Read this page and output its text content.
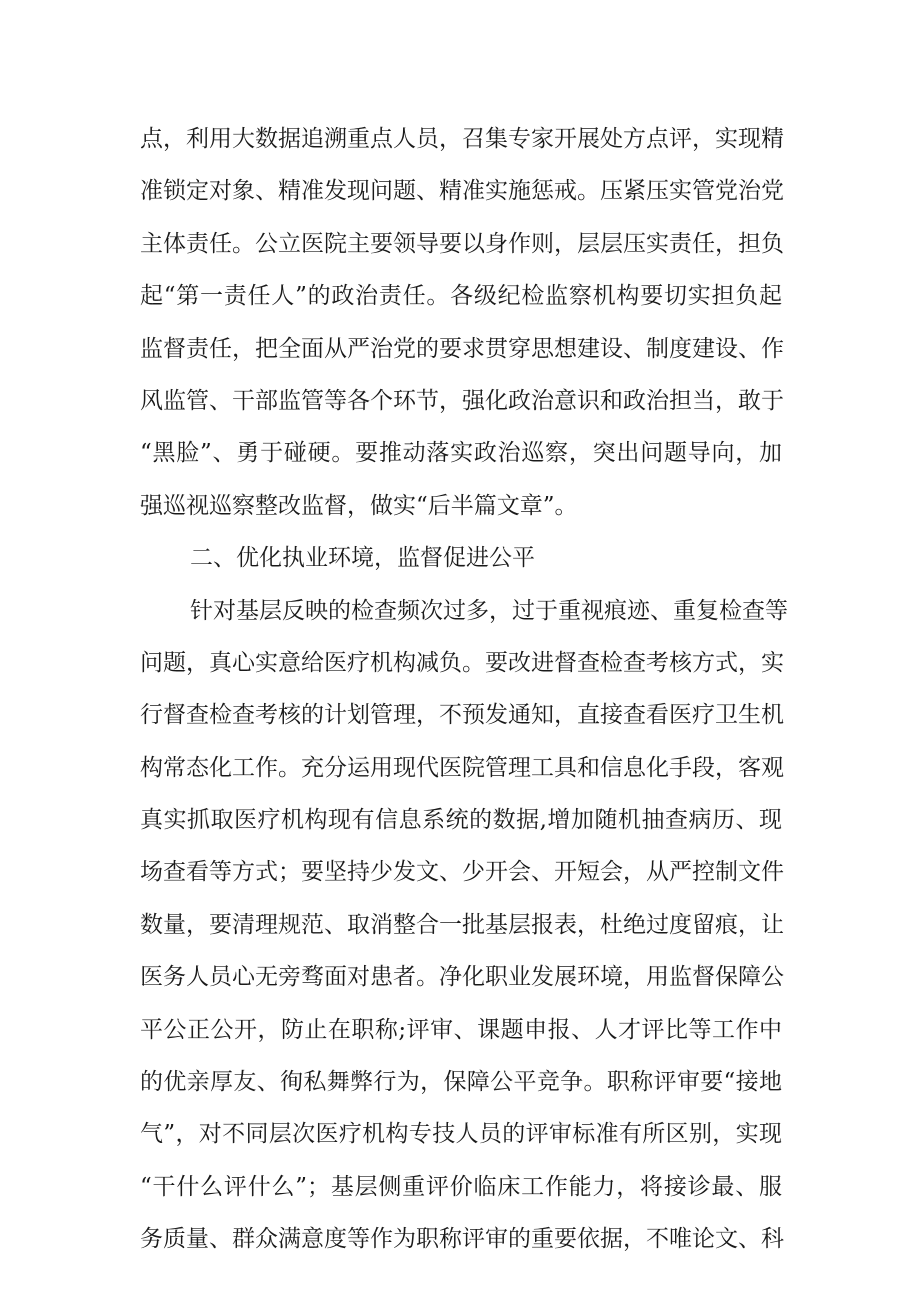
点，利用大数据追溯重点人员，召集专家开展处方点评，实现精
准锁定对象、精准发现问题、精准实施惩戒。压紧压实管党治党
主体责任。公立医院主要领导要以身作则，层层压实责任，担负
起“第一责任人”的政治责任。各级纪检监察机构要切实担负起
监督责任，把全面从严治党的要求贯穿思想建设、制度建设、作
风监管、干部监管等各个环节，强化政治意识和政治担当，敢于
“黑脸”、勇于碰硬。要推动落实政治巡察，突出问题导向，加
强巡视巡察整改监督，做实“后半篇文章”。
二、优化执业环境，监督促进公平
针对基层反映的检查频次过多，过于重视痕迹、重复检查等
问题，真心实意给医疗机构减负。要改进督查检查考核方式，实
行督查检查考核的计划管理，不预发通知，直接查看医疗卫生机
构常态化工作。充分运用现代医院管理工具和信息化手段，客观
真实抓取医疗机构现有信息系统的数据,增加随机抽查病历、现
场查看等方式；要坚持少发文、少开会、开短会，从严控制文件
数量，要清理规范、取消整合一批基层报表，杜绝过度留痕，让
医务人员心无旁骛面对患者。净化职业发展环境，用监督保障公
平公正公开，防止在职称;评审、课题申报、人才评比等工作中
的优亲厚友、徇私舞弊行为，保障公平竞争。职称评审要“接地
气”，对不同层次医疗机构专技人员的评审标准有所区别，实现
“干什么评什么”；基层侧重评价临床工作能力，将接诊最、服
务质量、群众满意度等作为职称评审的重要依据，不唯论文、科
